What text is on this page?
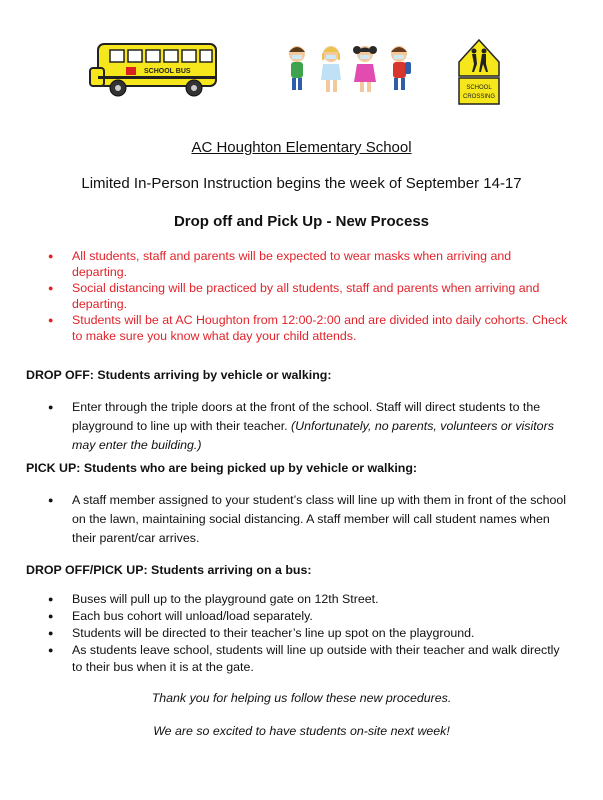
SCHOOL BUS
SCHOOL
CROSSING
AC Houghton Elementary School
Limited In-Person Instruction begins the week of September 14-17
Drop off and Pick Up - New Process
● All students, staff and parents will be expected to wear masks when arriving and departing.
● Social distancing will be practiced by all students, staff and parents when arriving and departing.
● Students will be at AC Houghton from 12:00-2:00 and are divided into daily cohorts. Check to make sure you know what day your child attends.
DROP OFF: Students arriving by vehicle or walking:
● Enter through the triple doors at the front of the school. Staff will direct students to the playground to line up with their teacher. (Unfortunately, no parents, volunteers or visitors may enter the building.)
PICK UP: Students who are being picked up by vehicle or walking:
● A staff member assigned to your student’s class will line up with them in front of the school on the lawn, maintaining social distancing. A staff member will call student names when their parent/car arrives.
DROP OFF/PICK UP: Students arriving on a bus:
● Buses will pull up to the playground gate on 12th Street.
● Each bus cohort will unload/load separately.
● Students will be directed to their teacher’s line up spot on the playground.
● As students leave school, students will line up outside with their teacher and walk directly to their bus when it is at the gate.
Thank you for helping us follow these new procedures.
We are so excited to have students on-site next week!
